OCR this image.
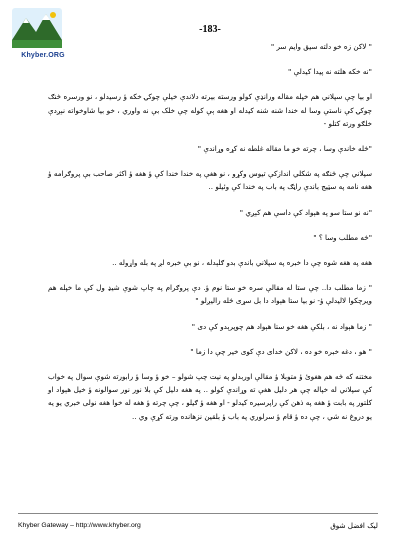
Khyber.ORG
-183-

" لاکن زه خو دلته سيق وايم سر "

"نه خکه هلته نه پيدا کيدلې "

او بيا چې سپلاني هم خپله مقاله ورانډې کولو ورسته بيرته دلاندې خيلې چوکۍ خکه ؤ رسيدلو ، نو ورسره څنګ چوکۍ کې ناستې وسا له خندا شنه شنه کيدله او هغه ېې کوله چې خلک بې نه واوري ، خو بيا شاوخواته نېږدې خلګو ورته کتلو -

"څله خاندې وسا ، چرته خو ما مقاله غلطه نه کړه وړاندې "

سپلاني چې څنګه په شکلي اندازکې تيوس وکړو ، نو هغې په خندا خندا کې ؤ هغه ؤ اکثر صاحب بې پروګرامه ؤ هغه نامه په سټيج باندې راڼګ په باب په خندا کې وئيلو ..

"نه نو ستا سو په هېواد کې داسې هم کېږي "

"څه مطلب وسا ؟ "

هغه په هغه شوه چې دا خبره په سپلاني باندې بدو ګلېدله ، نو بې خبره لږ په بله واړوله ..

" زما مطلب دا.. چې ستا له مقالې سره خو ستا نوم ؤ. دې پروګرام په چاپ شوې شيډ ول کې ما خپله هم ويرچکوا لاليدلې ؤ- نو بيا ستا هېواد دا بل سړى څله راليږلو "

" زما هېواد نه ، بلکې هغه خو ستا هېواد هم چوپرېدو کې دی "

" هو ، دغه خبره خو ده ، لاکن خدای دې کوی خير چې دا زما "

مختنه که څه هم هغوئ ؤ متوبلا ؤ مقالې اوربدلو په نيت چپ شولو – خو ؤ وسا ؤ رابورته شوې سوال په خواب کې سپلاني له خپاله چې هر دليل هغې ته وړاندې کولو .. په هغه دليل کې بلا نور نور سوالونه ؤ خيل هېواد او کلتور په بابت ؤ هغه په ذهن کې راپرسيره کيدلو - او هغه ؤ ګيلو ، چې چرته ؤ هغه له خوا هغه نولی خبري يو يه يو دروغ نه شي ، چې ده ؤ قام ؤ سرلوري په باب ؤ بلقين نزهانده ورته کړې وي ..

Khyber Gateway – http://www.khyber.org	ليک افضل شوق
